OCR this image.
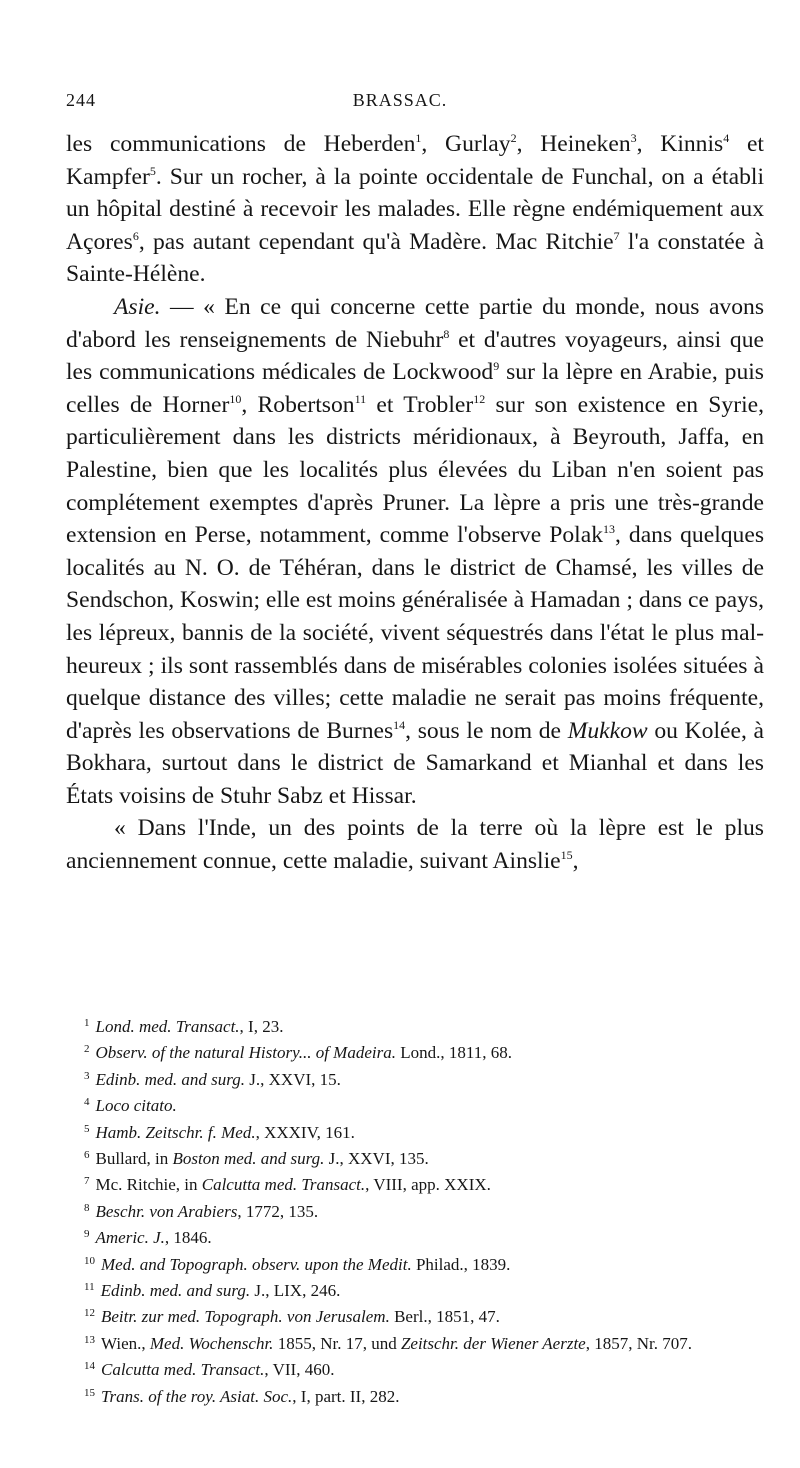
244	BRASSAC.

les communications de Heberden$^1$, Gurlay$^2$, Heineken$^3$, Kinnis$^4$ et Kampfer$^5$. Sur un rocher, à la pointe occidentale de Funchal, on a établi un hôpital destiné à recevoir les malades. Elle règne endémiquement aux Açores$^6$, pas autant cependant qu'à Madère. Mac Ritchie$^7$ l'a constatée à Sainte-Hélène.

Asie. — « En ce qui concerne cette partie du monde, nous avons d'abord les renseignements de Niebuhr$^8$ et d'autres voyageurs, ainsi que les communications médicales de Lockwood$^9$ sur la lèpre en Arabie, puis celles de Horner$^{10}$, Robertson$^{11}$ et Trobler$^{12}$ sur son existence en Syrie, particulièrement dans les districts méridionaux, à Beyrouth, Jaffa, en Palestine, bien que les localités plus élevées du Liban n'en soient pas complétement exemptes d'après Pruner. La lèpre a pris une très-grande extension en Perse, notamment, comme l'observe Polak$^{13}$, dans quelques localités au N. O. de Téhéran, dans le district de Chamsé, les villes de Sendschon, Koswin; elle est moins généralisée à Hamadan ; dans ce pays, les lépreux, bannis de la société, vivent séquestrés dans l'état le plus malheureux ; ils sont rassemblés dans de misérables colonies isolées situées à quelque distance des villes; cette maladie ne serait pas moins fréquente, d'après les observations de Burnes$^{14}$, sous le nom de Mukkow ou Kolée, à Bokhara, surtout dans le district de Samarkand et Mianhal et dans les États voisins de Stuhr Sabz et Hissar.

« Dans l'Inde, un des points de la terre où la lèpre est le plus anciennement connue, cette maladie, suivant Ainslie$^{15}$,

$^1$ Lond. med. Transact., I, 23.

$^2$ Observ. of the natural History... of Madeira. Lond., 1811, 68.

$^3$ Edinb. med. and surg. J., XXVI, 15.

$^4$ Loco citato.

$^5$ Hamb. Zeitschr. f. Med., XXXIV, 161.

$^6$ Bullard, in Boston med. and surg. J., XXVI, 135.

$^7$ Mc. Ritchie, in Calcutta med. Transact., VIII, app. XXIX.

$^8$ Beschr. von Arabiers, 1772, 135.

$^9$ Americ. J., 1846.

$^{10}$ Med. and Topograph. observ. upon the Medit. Philad., 1839.

$^{11}$ Edinb. med. and surg. J., LIX, 246.

$^{12}$ Beitr. zur med. Topograph. von Jerusalem. Berl., 1851, 47.

$^{13}$ Wien., Med. Wochenschr. 1855, Nr. 17, und Zeitschr. der Wiener Aerzte, 1857, Nr. 707.

$^{14}$ Calcutta med. Transact., VII, 460.

$^{15}$ Trans. of the roy. Asiat. Soc., I, part. II, 282.
